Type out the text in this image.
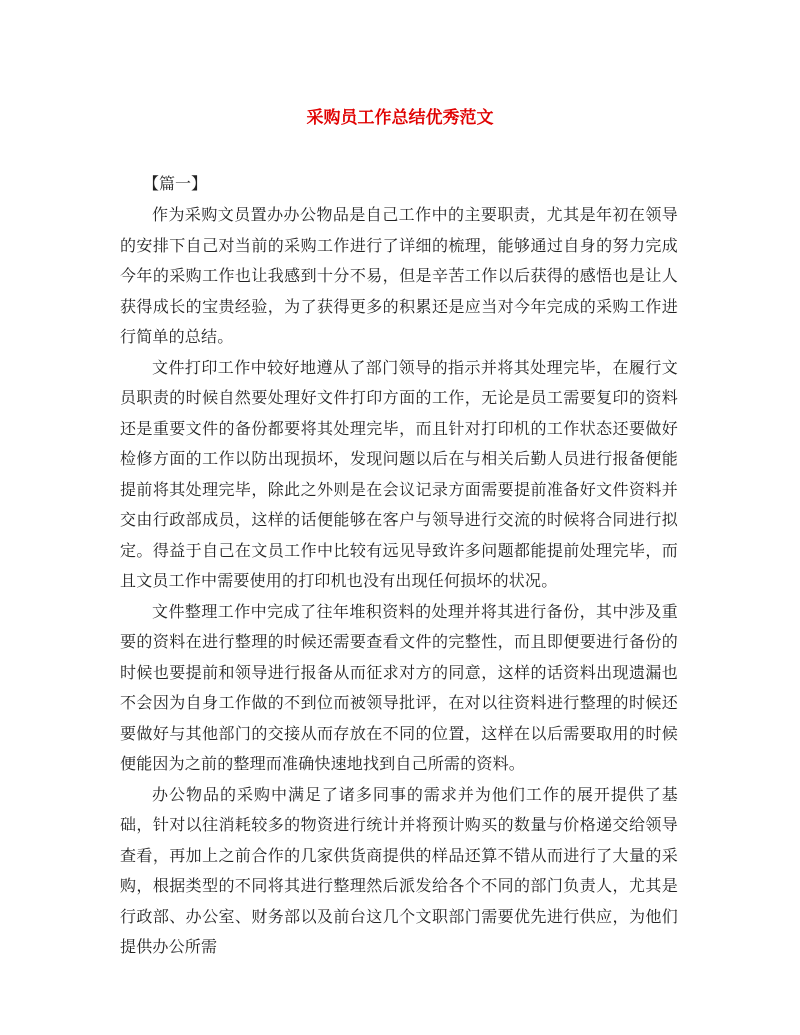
采购员工作总结优秀范文
【篇一】

作为采购文员置办办公物品是自己工作中的主要职责，尤其是年初在领导的安排下自己对当前的采购工作进行了详细的梳理，能够通过自身的努力完成今年的采购工作也让我感到十分不易，但是辛苦工作以后获得的感悟也是让人获得成长的宝贵经验，为了获得更多的积累还是应当对今年完成的采购工作进行简单的总结。

文件打印工作中较好地遵从了部门领导的指示并将其处理完毕，在履行文员职责的时候自然要处理好文件打印方面的工作，无论是员工需要复印的资料还是重要文件的备份都要将其处理完毕，而且针对打印机的工作状态还要做好检修方面的工作以防出现损坏，发现问题以后在与相关后勤人员进行报备便能提前将其处理完毕，除此之外则是在会议记录方面需要提前准备好文件资料并交由行政部成员，这样的话便能够在客户与领导进行交流的时候将合同进行拟定。得益于自己在文员工作中比较有远见导致许多问题都能提前处理完毕，而且文员工作中需要使用的打印机也没有出现任何损坏的状况。

文件整理工作中完成了往年堆积资料的处理并将其进行备份，其中涉及重要的资料在进行整理的时候还需要查看文件的完整性，而且即便要进行备份的时候也要提前和领导进行报备从而征求对方的同意，这样的话资料出现遗漏也不会因为自身工作做的不到位而被领导批评，在对以往资料进行整理的时候还要做好与其他部门的交接从而存放在不同的位置，这样在以后需要取用的时候便能因为之前的整理而准确快速地找到自己所需的资料。

办公物品的采购中满足了诸多同事的需求并为他们工作的展开提供了基础，针对以往消耗较多的物资进行统计并将预计购买的数量与价格递交给领导查看，再加上之前合作的几家供货商提供的样品还算不错从而进行了大量的采购，根据类型的不同将其进行整理然后派发给各个不同的部门负责人，尤其是行政部、办公室、财务部以及前台这几个文职部门需要优先进行供应，为他们提供办公所需
